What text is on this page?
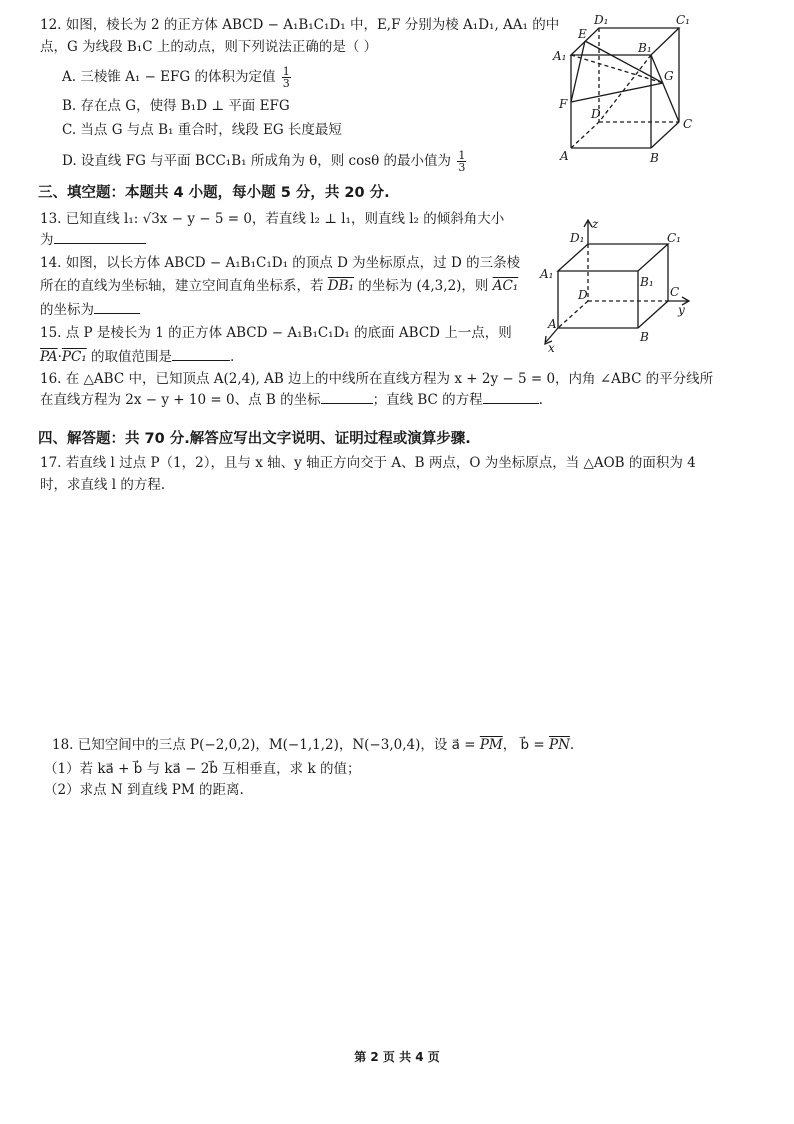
12. 如图，棱长为 2 的正方体 ABCD − A₁B₁C₁D₁ 中，E,F 分别为棱 A₁D₁, AA₁ 的中
点，G 为线段 B₁C 上的动点，则下列说法正确的是（ ）
A. 三棱锥 A₁ − EFG 的体积为定值 $\frac{1}{3}$
B. 存在点 G，使得 B₁D ⊥ 平面 EFG
C. 当点 G 与点 B₁ 重合时，线段 EG 长度最短
D. 设直线 FG 与平面 BCC₁B₁ 所成角为 θ，则 cosθ 的最小值为 $\frac{1}{3}$
D₁	C₁
E
A₁
B₁
G
F
D
C
A	B
三、填空题：本题共 4 小题，每小题 5 分，共 20 分.
13. 已知直线 l₁: √3x − y − 5 = 0，若直线 l₂ ⊥ l₁，则直线 l₂ 的倾斜角大小
为
14. 如图，以长方体 ABCD − A₁B₁C₁D₁ 的顶点 D 为坐标原点，过 D 的三条棱
所在的直线为坐标轴，建立空间直角坐标系，若 DB₁ 的坐标为 (4,3,2)，则 AC₁
的坐标为
z
D₁	C₁
A₁
B₁
D	C
y
A
B
x
15. 点 P 是棱长为 1 的正方体 ABCD − A₁B₁C₁D₁ 的底面 ABCD 上一点，则
$\overline{PA}\cdot PC_1$ 的取值范围是	.
16. 在 △ABC 中，已知顶点 A(2,4), AB 边上的中线所在直线方程为 x + 2y − 5 = 0，内角 ∠ABC 的平分线所
在直线方程为 2x − y + 10 = 0、点 B 的坐标	；直线 BC 的方程	.
四、解答题：共 70 分.解答应写出文字说明、证明过程或演算步骤.
17. 若直线 l 过点 P（1，2），且与 x 轴、y 轴正方向交于 A、B 两点，O 为坐标原点，当 △AOB 的面积为 4
时，求直线 l 的方程.
18. 已知空间中的三点 P(−2,0,2)，M(−1,1,2)，N(−3,0,4)，设 a⃗ = $\overline{PM}$， b⃗ = $\overline{PN}$.
（1）若 ka⃗ + b⃗ 与 ka⃗ − 2b⃗ 互相垂直，求 k 的值；
（2）求点 N 到直线 PM 的距离.
第 2 页 共 4 页
